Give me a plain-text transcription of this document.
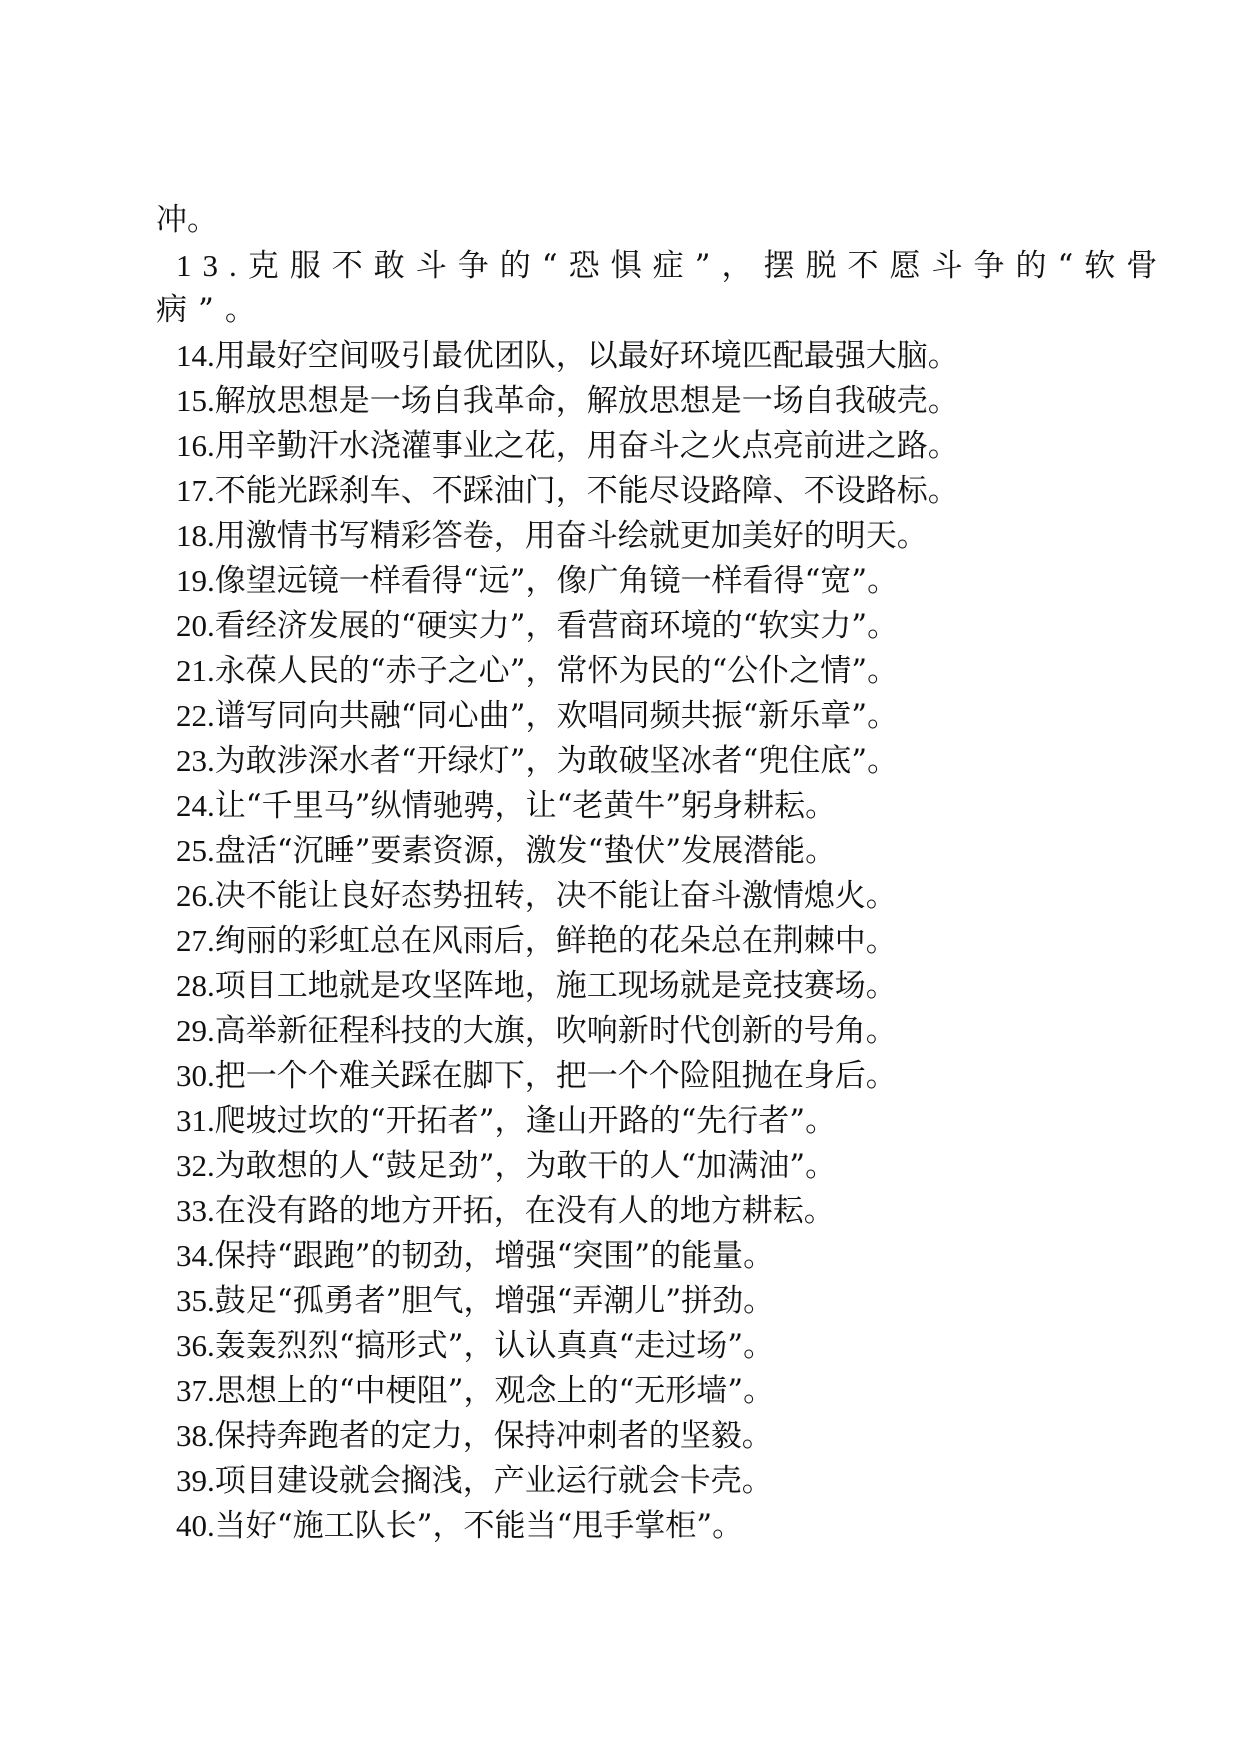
冲。
13.克服不敢斗争的“恐惧症”，摆脱不愿斗争的“软骨
病”。
14.用最好空间吸引最优团队，以最好环境匹配最强大脑。
15.解放思想是一场自我革命，解放思想是一场自我破壳。
16.用辛勤汗水浇灌事业之花，用奋斗之火点亮前进之路。
17.不能光踩刹车、不踩油门，不能尽设路障、不设路标。
18.用激情书写精彩答卷，用奋斗绘就更加美好的明天。
19.像望远镜一样看得“远”，像广角镜一样看得“宽”。
20.看经济发展的“硬实力”，看营商环境的“软实力”。
21.永葆人民的“赤子之心”，常怀为民的“公仆之情”。
22.谱写同向共融“同心曲”，欢唱同频共振“新乐章”。
23.为敢涉深水者“开绿灯”，为敢破坚冰者“兜住底”。
24.让“千里马”纵情驰骋，让“老黄牛”躬身耕耘。
25.盘活“沉睡”要素资源，激发“蛰伏”发展潜能。
26.决不能让良好态势扭转，决不能让奋斗激情熄火。
27.绚丽的彩虹总在风雨后，鲜艳的花朵总在荆棘中。
28.项目工地就是攻坚阵地，施工现场就是竞技赛场。
29.高举新征程科技的大旗，吹响新时代创新的号角。
30.把一个个难关踩在脚下，把一个个险阻抛在身后。
31.爬坡过坎的“开拓者”，逢山开路的“先行者”。
32.为敢想的人“鼓足劲”，为敢干的人“加满油”。
33.在没有路的地方开拓，在没有人的地方耕耘。
34.保持“跟跑”的韧劲，增强“突围”的能量。
35.鼓足“孤勇者”胆气，增强“弄潮儿”拼劲。
36.轰轰烈烈“搞形式”，认认真真“走过场”。
37.思想上的“中梗阻”，观念上的“无形墙”。
38.保持奔跑者的定力，保持冲刺者的坚毅。
39.项目建设就会搁浅，产业运行就会卡壳。
40.当好“施工队长”，不能当“甩手掌柜”。
